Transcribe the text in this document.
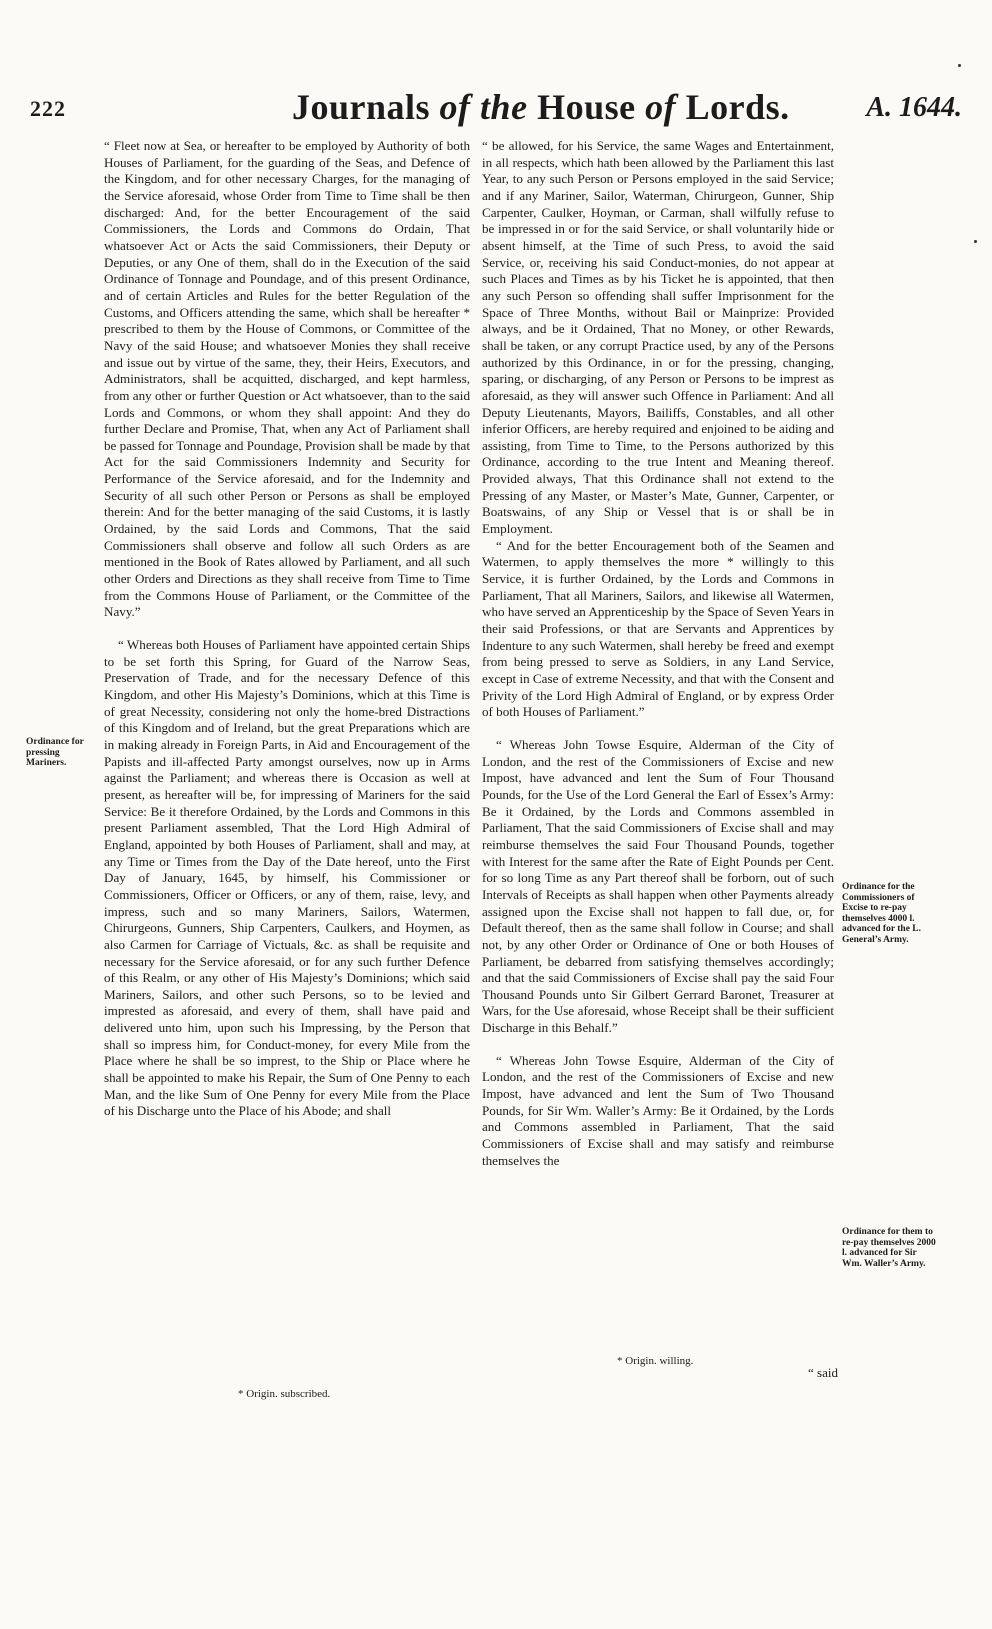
222	Journals of the House of Lords.	A. 1644.

“ Fleet now at Sea, or hereafter to be employed by Authority of both Houses of Parliament, for the guarding of the Seas, and Defence of the Kingdom, and for other necessary Charges, for the managing of the Service aforesaid, whose Order from Time to Time shall be then discharged: And, for the better Encouragement of the said Commissioners, the Lords and Commons do Ordain, That whatsoever Act or Acts the said Commissioners, their Deputy or Deputies, or any One of them, shall do in the Execution of the said Ordinance of Tonnage and Poundage, and of this present Ordinance, and of certain Articles and Rules for the better Regulation of the Customs, and Officers attending the same, which shall be hereafter * prescribed to them by the House of Commons, or Committee of the Navy of the said House; and whatsoever Monies they shall receive and issue out by virtue of the same, they, their Heirs, Executors, and Administrators, shall be acquitted, discharged, and kept harmless, from any other or further Question or Act whatsoever, than to the said Lords and Commons, or whom they shall appoint: And they do further Declare and Promise, That, when any Act of Parliament shall be passed for Tonnage and Poundage, Provision shall be made by that Act for the said Commissioners Indemnity and Security for Performance of the Service aforesaid, and for the Indemnity and Security of all such other Person or Persons as shall be employed therein: And for the better managing of the said Customs, it is lastly Ordained, by the said Lords and Commons, That the said Commissioners shall observe and follow all such Orders as are mentioned in the Book of Rates allowed by Parliament, and all such other Orders and Directions as they shall receive from Time to Time from the Commons House of Parliament, or the Committee of the Navy.”

“ Whereas both Houses of Parliament have appointed certain Ships to be set forth this Spring, for Guard of the Narrow Seas, Preservation of Trade, and for the necessary Defence of this Kingdom, and other His Majesty’s Dominions, which at this Time is of great Necessity, considering not only the home-bred Distractions of this Kingdom and of Ireland, but the great Preparations which are in making already in Foreign Parts, in Aid and Encouragement of the Papists and ill-affected Party amongst ourselves, now up in Arms against the Parliament; and whereas there is Occasion as well at present, as hereafter will be, for impressing of Mariners for the said Service: Be it therefore Ordained, by the Lords and Commons in this present Parliament assembled, That the Lord High Admiral of England, appointed by both Houses of Parliament, shall and may, at any Time or Times from the Day of the Date hereof, unto the First Day of January, 1645, by himself, his Commissioner or Commissioners, Officer or Officers, or any of them, raise, levy, and impress, such and so many Mariners, Sailors, Watermen, Chirurgeons, Gunners, Ship Carpenters, Caulkers, and Hoymen, as also Carmen for Carriage of Victuals, &c. as shall be requisite and necessary for the Service aforesaid, or for any such further Defence of this Realm, or any other of His Majesty’s Dominions; which said Mariners, Sailors, and other such Persons, so to be levied and imprested as aforesaid, and every of them, shall have paid and delivered unto him, upon such his Impressing, by the Person that shall so impress him, for Conduct-money, for every Mile from the Place where he shall be so imprest, to the Ship or Place where he shall be appointed to make his Repair, the Sum of One Penny to each Man, and the like Sum of One Penny for every Mile from the Place of his Discharge unto the Place of his Abode; and shall

“ be allowed, for his Service, the same Wages and Entertainment, in all respects, which hath been allowed by the Parliament this last Year, to any such Person or Persons employed in the said Service; and if any Mariner, Sailor, Waterman, Chirurgeon, Gunner, Ship Carpenter, Caulker, Hoyman, or Carman, shall wilfully refuse to be impressed in or for the said Service, or shall voluntarily hide or absent himself, at the Time of such Press, to avoid the said Service, or, receiving his said Conduct-monies, do not appear at such Places and Times as by his Ticket he is appointed, that then any such Person so offending shall suffer Imprisonment for the Space of Three Months, without Bail or Mainprize: Provided always, and be it Ordained, That no Money, or other Rewards, shall be taken, or any corrupt Practice used, by any of the Persons authorized by this Ordinance, in or for the pressing, changing, sparing, or discharging, of any Person or Persons to be imprest as aforesaid, as they will answer such Offence in Parliament: And all Deputy Lieutenants, Mayors, Bailiffs, Constables, and all other inferior Officers, are hereby required and enjoined to be aiding and assisting, from Time to Time, to the Persons authorized by this Ordinance, according to the true Intent and Meaning thereof. Provided always, That this Ordinance shall not extend to the Pressing of any Master, or Master’s Mate, Gunner, Carpenter, or Boatswains, of any Ship or Vessel that is or shall be in Employment.

“ And for the better Encouragement both of the Seamen and Watermen, to apply themselves the more * willingly to this Service, it is further Ordained, by the Lords and Commons in Parliament, That all Mariners, Sailors, and likewise all Watermen, who have served an Apprenticeship by the Space of Seven Years in their said Professions, or that are Servants and Apprentices by Indenture to any such Watermen, shall hereby be freed and exempt from being pressed to serve as Soldiers, in any Land Service, except in Case of extreme Necessity, and that with the Consent and Privity of the Lord High Admiral of England, or by express Order of both Houses of Parliament.”

“ Whereas John Towse Esquire, Alderman of the City of London, and the rest of the Commissioners of Excise and new Impost, have advanced and lent the Sum of Four Thousand Pounds, for the Use of the Lord General the Earl of Essex’s Army: Be it Ordained, by the Lords and Commons assembled in Parliament, That the said Commissioners of Excise shall and may reimburse themselves the said Four Thousand Pounds, together with Interest for the same after the Rate of Eight Pounds per Cent. for so long Time as any Part thereof shall be forborn, out of such Intervals of Receipts as shall happen when other Payments already assigned upon the Excise shall not happen to fall due, or, for Default thereof, then as the same shall follow in Course; and shall not, by any other Order or Ordinance of One or both Houses of Parliament, be debarred from satisfying themselves accordingly; and that the said Commissioners of Excise shall pay the said Four Thousand Pounds unto Sir Gilbert Gerrard Baronet, Treasurer at Wars, for the Use aforesaid, whose Receipt shall be their sufficient Discharge in this Behalf.”

“ Whereas John Towse Esquire, Alderman of the City of London, and the rest of the Commissioners of Excise and new Impost, have advanced and lent the Sum of Two Thousand Pounds, for Sir Wm. Waller’s Army: Be it Ordained, by the Lords and Commons assembled in Parliament, That the said Commissioners of Excise shall and may satisfy and reimburse themselves the

Ordinance for pressing Mariners.
Ordinance for the Commissioners of Excise to re-pay themselves 4000 l. advanced for the L. General’s Army.
Ordinance for them to re-pay themselves 2000 l. advanced for Sir Wm. Waller’s Army.
* Origin. subscribed.
* Origin. willing.
“ said
